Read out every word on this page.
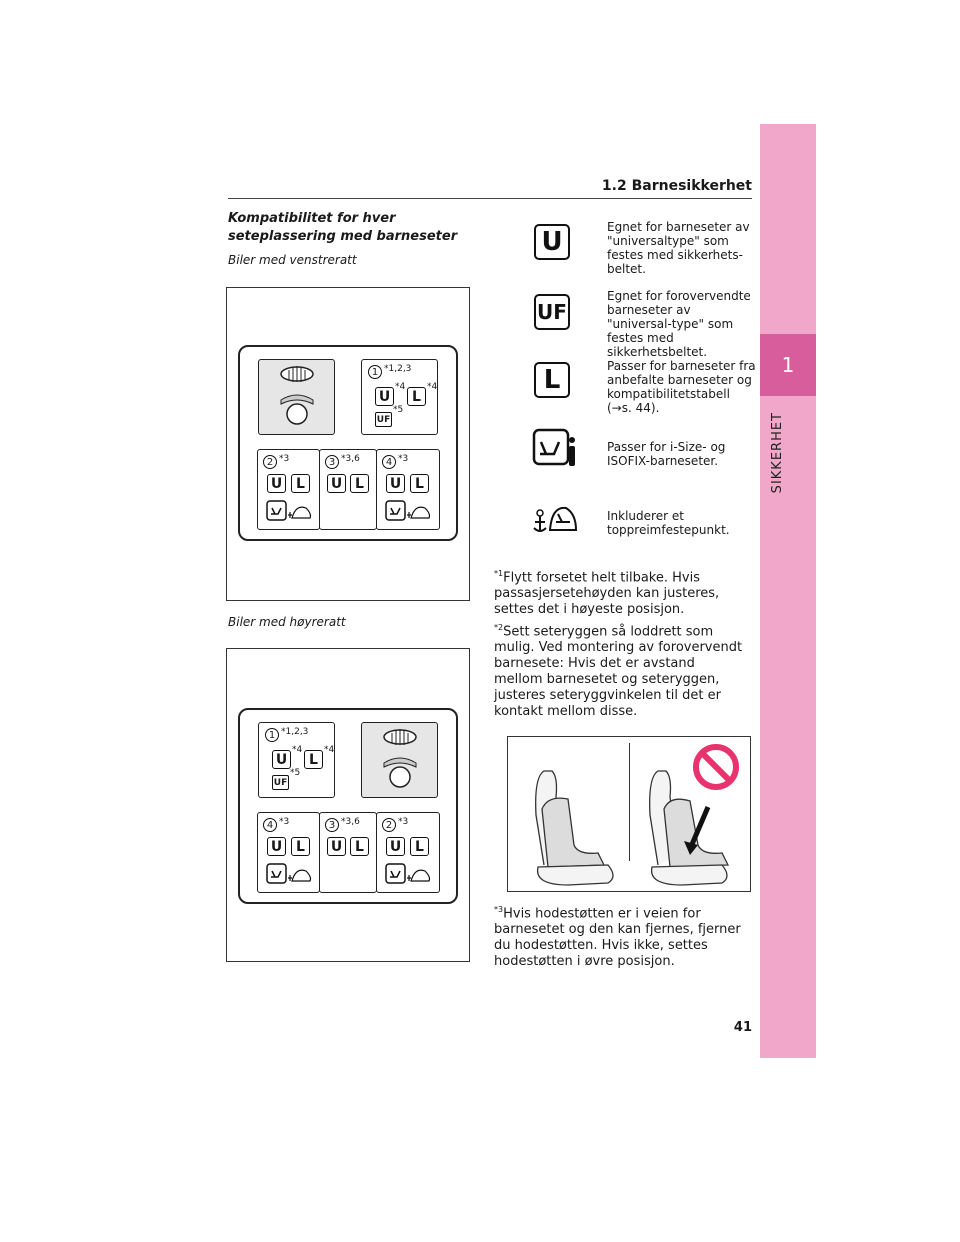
1
SIKKERHET
1.2 Barnesikkerhet
Kompatibilitet for hver seteplassering med barneseter
Biler med venstreratt
1 *1,2,3
U
*4
L
*4
UF
*5
2 *3
U L
3 *3,6
U L
4 *3
U L
Biler med høyreratt
1 *1,2,3
U
*4
L
*4
UF
*5
4 *3
U L
3 *3,6
U L
2 *3
U L
U	Egnet for barneseter av "universaltype" som festes med sikkerhets-beltet.
UF
Egnet for forovervendte barneseter av "universal-type" som festes med sikkerhetsbeltet.
L	Passer for barneseter fra anbefalte barneseter og kompatibilitetstabell (→s. 44).
Passer for i-Size- og ISOFIX-barneseter.
Inkluderer et toppreimfestepunkt.
$^{*1}$Flytt forsetet helt tilbake. Hvis passasjersetehøyden kan justeres, settes det i høyeste posisjon.
$^{*2}$Sett seteryggen så loddrett som mulig. Ved montering av forovervendt barnesete: Hvis det er avstand mellom barnesetet og seteryggen, justeres seteryggvinkelen til det er kontakt mellom disse.
$^{*3}$Hvis hodestøtten er i veien for barnesetet og den kan fjernes, fjerner du hodestøtten. Hvis ikke, settes hodestøtten i øvre posisjon.
41
